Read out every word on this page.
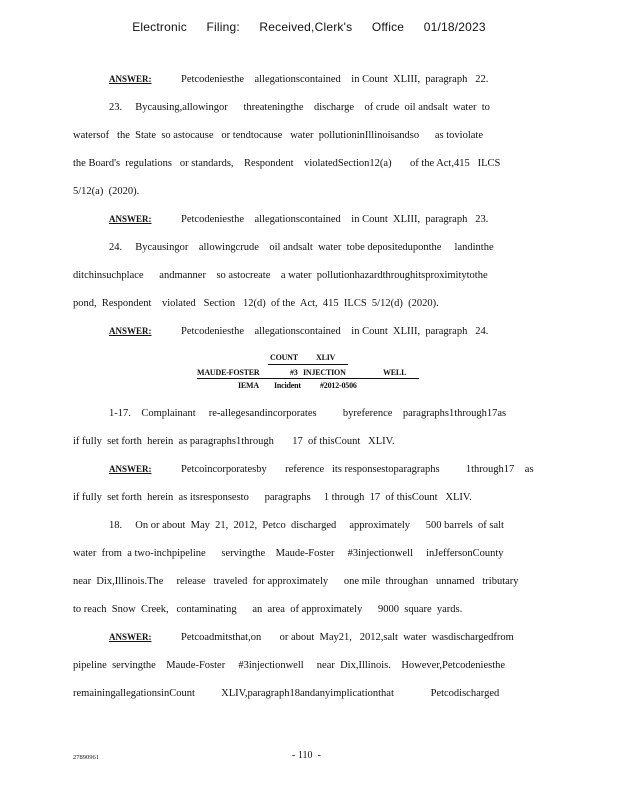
Electronic Filing: Received,Clerk's Office 01/18/2023
ANSWER:	Petcodeniesthe    allegationscontained    in Count  XLIII,  paragraph   22.
23.     Bycausing,allowingor      threateningthe    discharge    of crude  oil andsalt  water  to
watersof   the  State  so astocause   or tendtocause   water  pollutioninIllinoisandso      as toviolate
the Board's  regulations   or standards,    Respondent    violatedSection12(a)       of the Act,415   ILCS
5/12(a)  (2020).
ANSWER:	Petcodeniesthe    allegationscontained    in Count  XLIII,  paragraph   23.
24.     Bycausingor    allowingcrude    oil andsalt  water  tobe depositeduponthe     landinthe
ditchinsuchplace      andmanner    so astocreate    a water  pollutionhazardthroughitsproximitytothe
pond,  Respondent    violated   Section   12(d)  of the  Act,  415  ILCS  5/12(d)  (2020).
ANSWER:	Petcodeniesthe    allegationscontained    in Count  XLIII,  paragraph   24.
COUNT XLIV
MAUDE-FOSTER	#3   INJECTION	WELL
IEMA Incident #2012-0506
1-17.    Complainant     re-allegesandincorporates          byreference    paragraphs1through17as
if fully  set forth  herein  as paragraphs1through       17  of thisCount   XLIV.
ANSWER:	Petcoincorporatesby       reference   its responsestoparagraphs          1through17    as
if fully  set forth  herein  as itsresponsesto      paragraphs     1 through  17  of thisCount   XLIV.
18.     On or about  May  21,  2012,  Petco  discharged     approximately      500 barrels  of salt
water  from  a two-inchpipeline      servingthe    Maude-Foster     #3injectionwell     inJeffersonCounty
near  Dix,Illinois.The     release   traveled  for approximately      one mile  throughan   unnamed   tributary
to reach  Snow  Creek,   contaminating      an  area  of approximately      9000  square  yards.
ANSWER:	Petcoadmitsthat,on       or about  May21,   2012,salt  water  wasdischargedfrom
pipeline  servingthe    Maude-Foster     #3injectionwell     near  Dix,Illinois.    However,Petcodeniesthe
remainingallegationsinCount          XLIV,paragraph18andanyimplicationthat              Petcodischarged
27890961	- 110  -
